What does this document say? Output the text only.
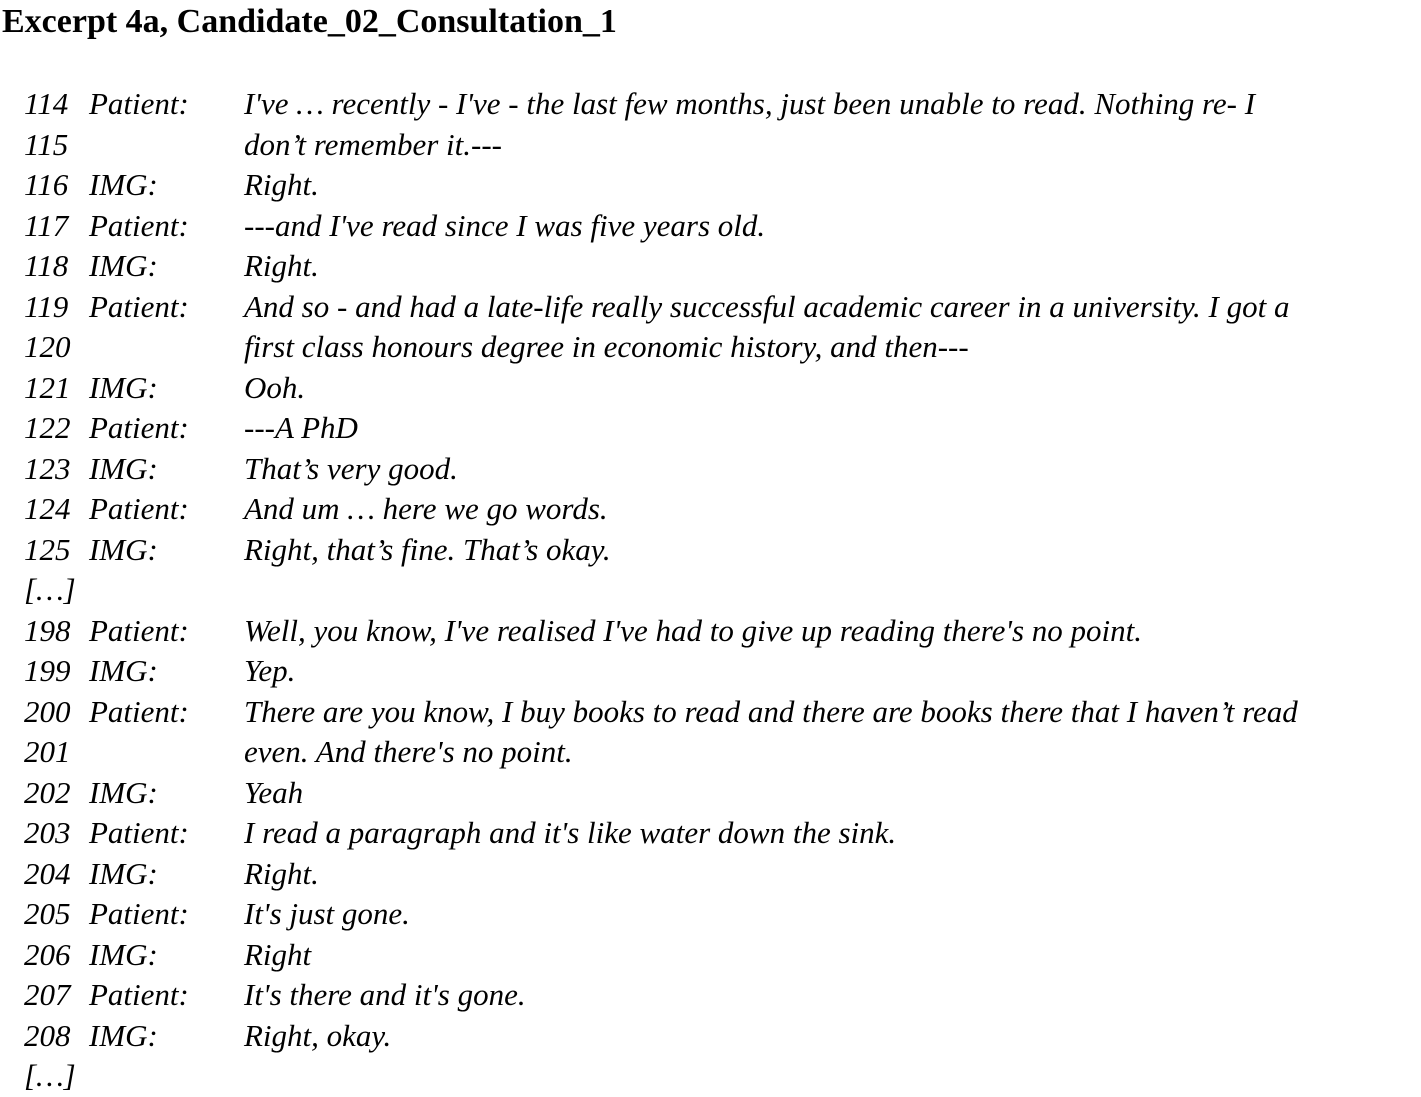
Excerpt 4a, Candidate_02_Consultation_1
114 Patient: I've … recently - I've - the last few months, just been unable to read. Nothing re- I
115	don’t remember it.---
116 IMG:	Right.
117 Patient: ---and I've read since I was five years old.
118 IMG:	Right.
119 Patient: And so - and had a late-life really successful academic career in a university. I got a
120	first class honours degree in economic history, and then---
121 IMG:	Ooh.
122 Patient: ---A PhD
123 IMG:	That’s very good.
124 Patient: And um … here we go words.
125 IMG:	Right, that’s fine. That’s okay.
[…]
198 Patient: Well, you know, I've realised I've had to give up reading there's no point.
199 IMG:	Yep.
200 Patient: There are you know, I buy books to read and there are books there that I haven’t read
201	even. And there's no point.
202 IMG:	Yeah
203 Patient: I read a paragraph and it's like water down the sink.
204 IMG:	Right.
205 Patient: It's just gone.
206 IMG:	Right
207 Patient: It's there and it's gone.
208 IMG:	Right, okay.
[…]
